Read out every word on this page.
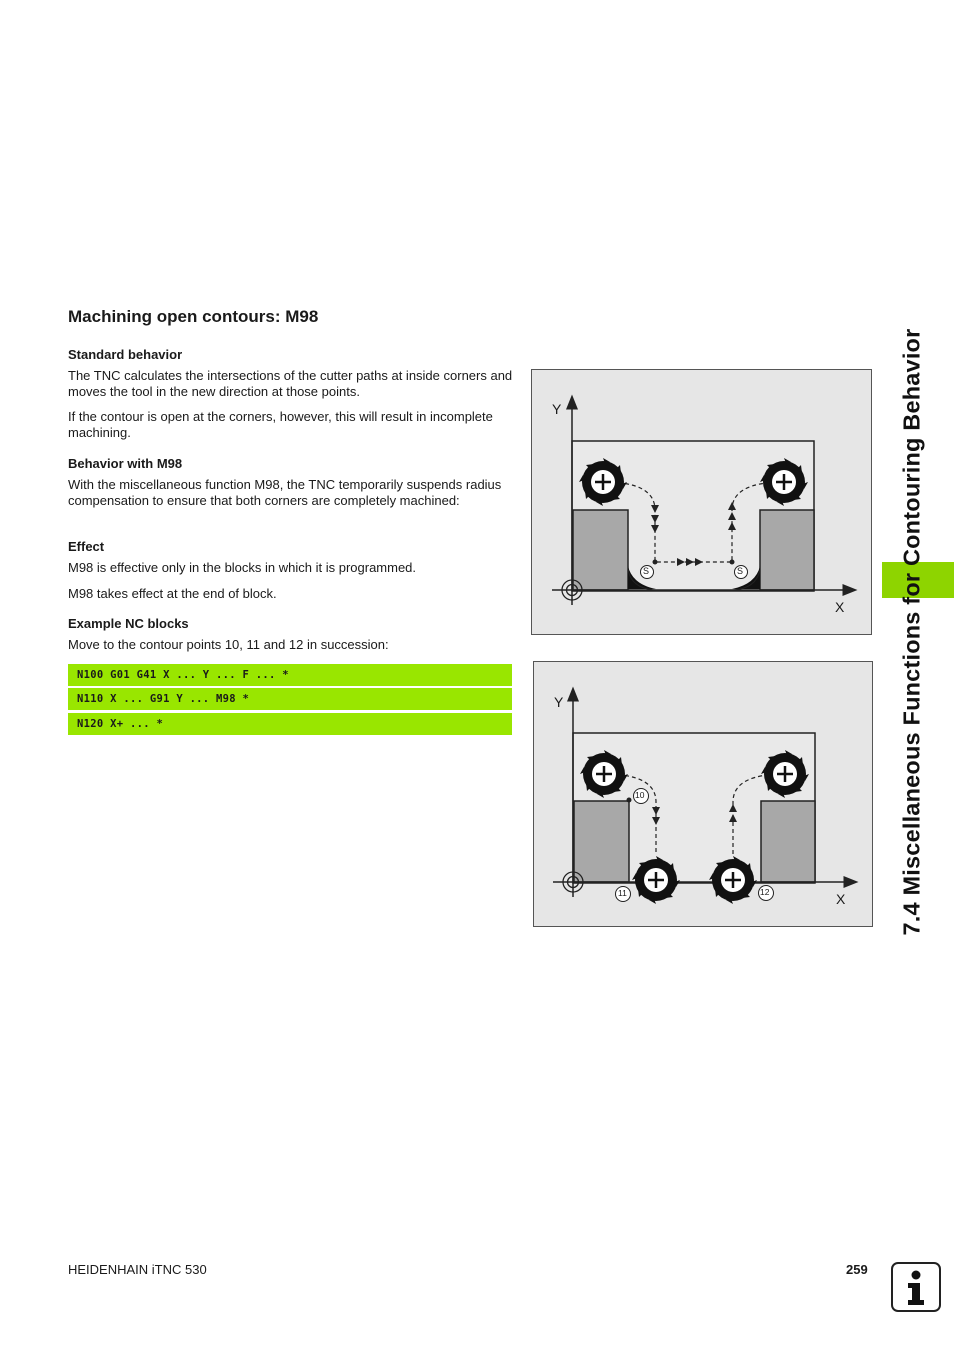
Machining open contours: M98

Standard behavior

The TNC calculates the intersections of the cutter paths at inside corners and moves the tool in the new direction at those points.

If the contour is open at the corners, however, this will result in incomplete machining.

Behavior with M98

With the miscellaneous function M98, the TNC temporarily suspends radius compensation to ensure that both corners are completely machined:

Effect

M98 is effective only in the blocks in which it is programmed.

M98 takes effect at the end of block.

Example NC blocks

Move to the contour points 10, 11 and 12 in succession:

N100 G01 G41 X ... Y ... F ... *
N110 X ... G91 Y ... M98 *
N120 X+ ... *
Y
X
S	S
Y
X
10
11	12	7.4 Miscellaneous Functions for Contouring Behavior
HEIDENHAIN iTNC 530	259
